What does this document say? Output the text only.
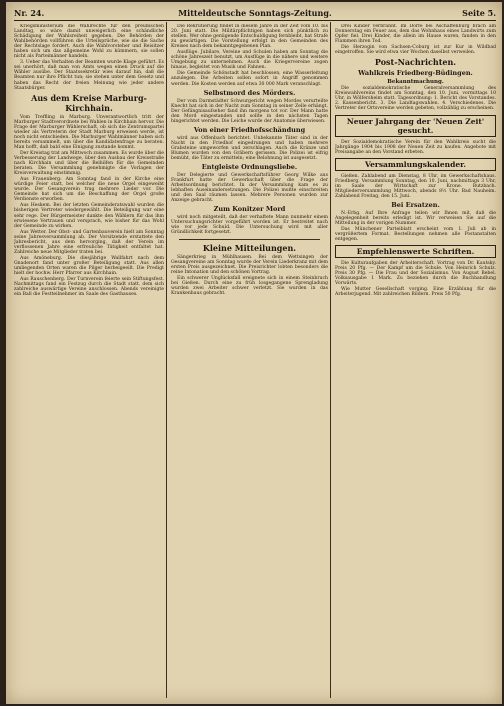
Nr. 24.	Mitteldeutsche Sonntags-Zeitung.	Seite 5.

Kriegsministerium die Wahlrechte für den preußischen Landtag, so wäre damit unweigerlich eine schändliche Schädigung der Wahlsreiheit gegeben. Die Behörden der Wahlbehörden vollführen die Urteilsprüche, wie sie die Sache der Rechtslage fordert. Auch die Wahlvorsteher und Beisitzer haben sich um das allgemeine Wohl zu kümmern, sie sollen nicht als Parteimänner handeln.

3. Ueber das Verhalten der Beamten wurde Klage geführt. Es sei unerhört, daß man von Amts wegen einen Druck auf die Wähler ausübe. Der Staatssekretär wies darauf hin, daß die Beamten nur ihre Pflicht tun; sie stehen unter dem Gesetz und haben das Recht der freien Meinung wie jeder andere Staatsbürger.

Aus dem Kreise Marburg-Kirchhain.

Vom Treffling in Marburg. Unverantwortlich tritt der Marburger Stadtverordnete bei Wahlen in Kirchhain hervor. Die Frage der Marburger Wählerschaft, ob sich die Zentrumspartei wieder als Vertreterin der Stadt Marburg erweisen werde, ist noch nicht entschieden. Die Marburger Wahlmänner haben sich bereits versammelt, um über die Kandidatenfrage zu beraten. Man hofft, daß bald eine Einigung zustande kommt.

Der Kreistag trat am Mittwoch zusammen. Es wurde über die Verbesserung der Landwege, über den Ausbau der Kreisstraße nach Kirchhain und über die Beihilfen für die Gemeinden beraten. Die Versammlung genehmigte die Vorlagen der Kreisverwaltung einstimmig.

Aus Frauenberg: Am Sonntag fand in der Kirche eine würdige Feier statt, bei welcher die neue Orgel eingeweiht wurde. Der Gesangverein trug mehrere Lieder vor. Die Gemeinde hat sich um die Beschaffung der Orgel große Verdienste erworben.

Aus Heskem. Bei der letzten Gemeinderatswahl wurden die bisherigen Vertreter wiedergewählt. Die Beteiligung war eine sehr rege. Der Bürgermeister dankte den Wählern für das ihm erwiesene Vertrauen und versprach, wie bisher für das Wohl der Gemeinde zu wirken.

Aus Wetter. Der Obst- und Gartenbauverein hielt am Sonntag seine Jahresversammlung ab. Der Vorsitzende erstattete den Jahresbericht, aus dem hervorging, daß der Verein im verflossenen Jahre eine erfreuliche Tätigkeit entfaltet hat. Zahlreiche neue Mitglieder traten bei.

Aus Amöneburg. Die diesjährige Wallfahrt nach dem Gnadenort fand unter großer Beteiligung statt. Aus allen umliegenden Orten waren die Pilger herbeigeeilt. Die Predigt hielt der hochw. Herr Pfarrer aus Kirchhain.

Aus Rauschenberg. Der Turnverein feierte sein Stiftungsfest. Nachmittags fand ein Festzug durch die Stadt statt, dem sich zahlreiche auswärtige Vereine anschlossen. Abends vereinigte ein Ball die Festteilnehmer im Saale des Gasthauses.

Die Rekrutierung findet in diesem Jahre in der Zeit vom 10. bis 20. Juni statt. Die Militärpflichtigen haben sich pünktlich zu stellen. Wer ohne genügende Entschuldigung fernbleibt, hat Strafe zu gewärtigen. Die Vorstellung erfolgt in den Gemeinden des Kreises nach dem bekanntgegebenen Plan.

Ausflüge. Jubilare, Vereine und Schulen haben am Sonntag die schöne Jahreszeit benutzt, um Ausflüge in die nähere und weitere Umgebung zu unternehmen. Auch die Kriegervereine zogen hinaus, begleitet von Musik und Fahnen.

Die Gemeinde Schönstadt hat beschlossen, eine Wasserleitung anzulegen. Die Arbeiten sollen sofort in Angriff genommen werden. Die Kosten werden auf etwa 30 000 Mark veranschlagt.

Selbstmord des Mörders.

Der vom Darmstädter Schwurgericht wegen Mordes verurteilte Knecht hat sich in der Nacht zum Sonntag in seiner Zelle erhängt. Der Gefängnisaufseher fand ihn morgens tot vor. Der Mann hatte den Mord eingestanden und sollte in den nächsten Tagen hingerichtet werden. Die Leiche wurde der Anatomie überwiesen.

Von einer Friedhofsschändung

wird aus Offenbach berichtet. Unbekannte Täter sind in der Nacht in den Friedhof eingedrungen und haben mehrere Grabsteine umgeworfen und zerschlagen. Auch die Kränze und Blumen wurden von den Gräbern gerissen. Die Polizei ist eifrig bemüht, die Täter zu ermitteln; eine Belohnung ist ausgesetzt.

Entgleiste Ordnungsliebe.

Der Delegierte und Gewerkschaftsführer Georg Wilke aus Frankfurt hatte der Gewerkschaft über die Frage der Arbeitsordnung berichtet. In der Versammlung kam es zu lebhaften Auseinandersetzungen. Die Polizei mußte einschreiten und den Saal räumen lassen. Mehrere Personen wurden zur Anzeige gebracht.

Zum Konitzer Mord

wird noch mitgeteilt, daß der verhaftete Mann nunmehr einem Untersuchungsrichter vorgeführt worden ist. Er bestreitet nach wie vor jede Schuld. Die Untersuchung wird mit aller Gründlichkeit fortgesetzt.

Kleine Mitteilungen.

Sängerkrieg in Mühlhausen. Bei dem Wettsingen der Gesangvereine am Sonntag wurde der Verein Liederkranz mit dem ersten Preis ausgezeichnet. Die Preisrichter lobten besonders die reine Intonation und den schönen Vortrag.

Ein schwerer Unglücksfall ereignete sich in einem Steinbruch bei Gießen. Durch eine zu früh losgegangene Sprengladung wurden zwei Arbeiter schwer verletzt. Sie wurden in das Krankenhaus gebracht.

Drei Kinder verbrannt. Im Dorfe bei Aschaffenburg brach am Donnerstag ein Feuer aus, dem das Wohnhaus eines Landwirts zum Opfer fiel. Drei Kinder, die allein im Hause waren, fanden in den Flammen ihren Tod.

Die Herzogin von Sachsen-Coburg ist zur Kur in Wildbad eingetroffen. Sie wird etwa vier Wochen daselbst verweilen.

Post-Nachrichten.
Wahlkreis Friedberg-Büdingen.
Bekanntmachung.

Die sozialdemokratische Generalversammlung des Kreiswahlvereins findet am Sonntag, den 10. Juni, vormittags 10 Uhr, in Wölfersheim statt. Tagesordnung: 1. Bericht des Vorstandes. 2. Kassenbericht. 3. Die Landtagswahlen. 4. Verschiedenes. Die Vertreter der Ortsvereine werden gebeten, vollzählig zu erscheinen.

Neuer Jahrgang der 'Neuen Zeit' gesucht.

Der Sozialdemokratische Verein für den Wahlkreis sucht die Jahrgänge 1904 bis 1908 der Neuen Zeit zu kaufen. Angebote mit Preisangabe an den Vorstand erbeten.

Versammlungskalender.

Gießen. Zahlabend am Dienstag, 8 Uhr, im Gewerkschaftshaus. Friedberg. Versammlung Sonntag, den 10. Juni, nachmittags 3 Uhr, im Saale der Wirtschaft zur Krone. Butzbach. Mitgliederversammlung Mittwoch, abends 8½ Uhr. Bad Nauheim. Zahlabend Freitag, den 15. Juni.

Bei Ersatzen.

N.-Erbg. Auf Ihre Anfrage teilen wir Ihnen mit, daß die Angelegenheit bereits erledigt ist. Wir verweisen Sie auf die Mitteilung in der vorigen Nummer.

Das Münchener Parteiblatt erscheint vom 1. Juli ab in vergrößertem Format. Bestellungen nehmen alle Postanstalten entgegen.

Empfehlenswerte Schriften.

Die Kulturaufgaben der Arbeiterschaft. Vortrag von Dr. Kautsky. Preis 20 Pfg. — Der Kampf um die Schule. Von Heinrich Schulz. Preis 30 Pfg. — Die Frau und der Sozialismus. Von August Bebel. Volksausgabe 1 Mark. Zu beziehen durch die Buchhandlung Vorwärts.

Wie Mutter Gesellschaft vorging. Eine Erzählung für die Arbeiterjugend. Mit zahlreichen Bildern. Preis 50 Pfg.
